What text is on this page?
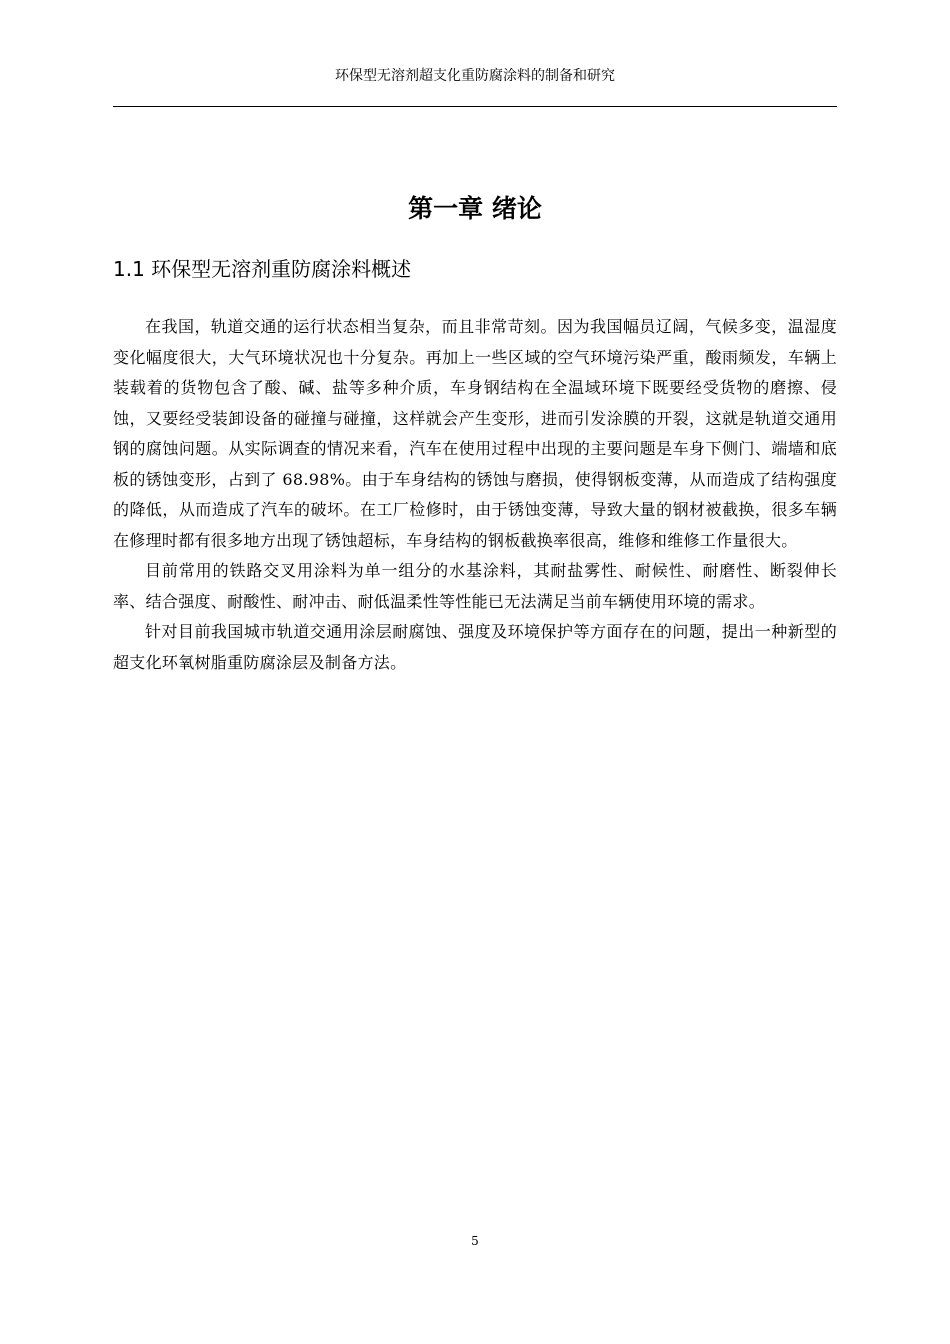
环保型无溶剂超支化重防腐涂料的制备和研究
第一章 绪论
1.1 环保型无溶剂重防腐涂料概述

在我国，轨道交通的运行状态相当复杂，而且非常苛刻。因为我国幅员辽阔，气候多变，温湿度变化幅度很大，大气环境状况也十分复杂。再加上一些区域的空气环境污染严重，酸雨频发，车辆上装载着的货物包含了酸、碱、盐等多种介质，车身钢结构在全温域环境下既要经受货物的磨擦、侵蚀，又要经受装卸设备的碰撞与碰撞，这样就会产生变形，进而引发涂膜的开裂，这就是轨道交通用钢的腐蚀问题。从实际调查的情况来看，汽车在使用过程中出现的主要问题是车身下侧门、端墙和底板的锈蚀变形，占到了 68.98%。由于车身结构的锈蚀与磨损，使得钢板变薄，从而造成了结构强度的降低，从而造成了汽车的破坏。在工厂检修时，由于锈蚀变薄，导致大量的钢材被截换，很多车辆在修理时都有很多地方出现了锈蚀超标，车身结构的钢板截换率很高，维修和维修工作量很大。

目前常用的铁路交叉用涂料为单一组分的水基涂料，其耐盐雾性、耐候性、耐磨性、断裂伸长率、结合强度、耐酸性、耐冲击、耐低温柔性等性能已无法满足当前车辆使用环境的需求。

针对目前我国城市轨道交通用涂层耐腐蚀、强度及环境保护等方面存在的问题，提出一种新型的超支化环氧树脂重防腐涂层及制备方法。

5
